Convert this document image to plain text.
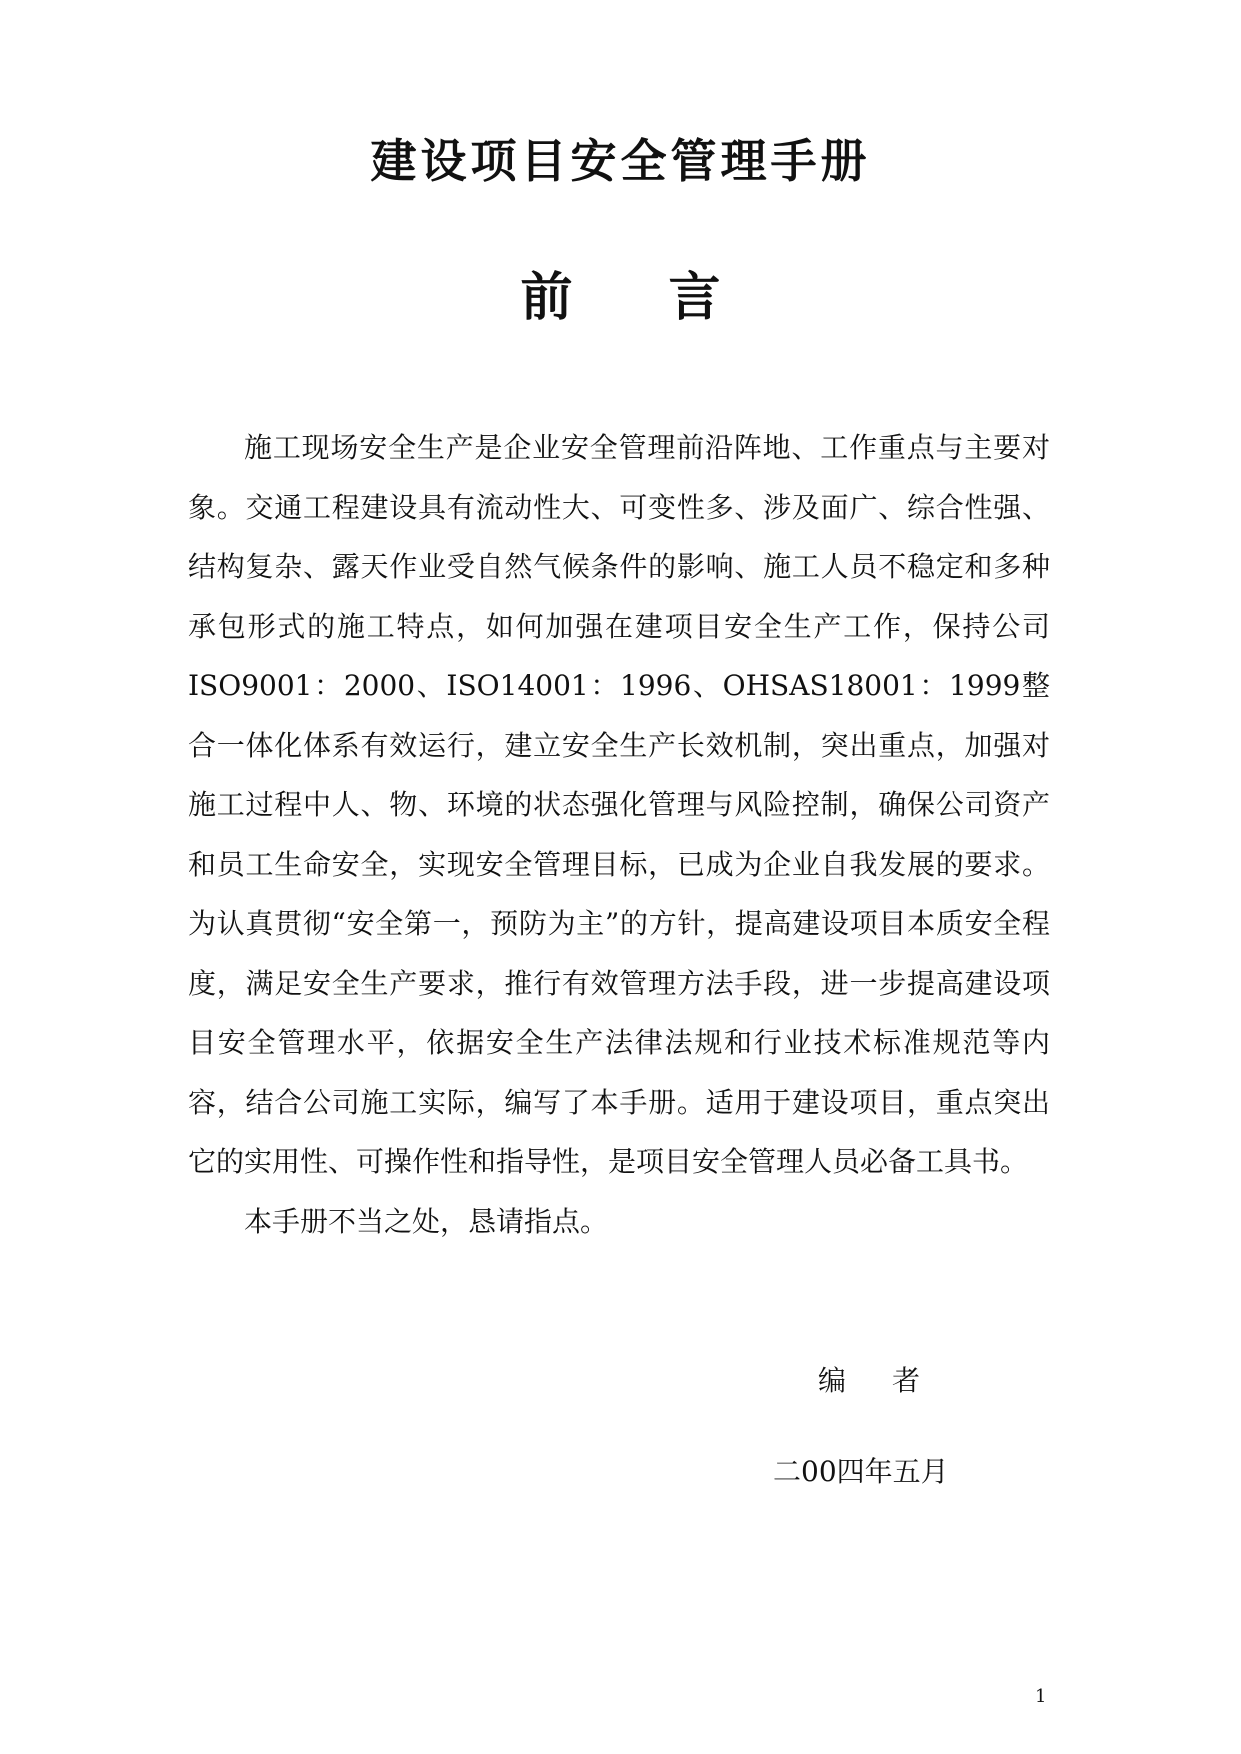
建设项目安全管理手册
前 言

施工现场安全生产是企业安全管理前沿阵地、工作重点与主要对象。交通工程建设具有流动性大、可变性多、涉及面广、综合性强、结构复杂、露天作业受自然气候条件的影响、施工人员不稳定和多种承包形式的施工特点，如何加强在建项目安全生产工作，保持公司ISO9001：2000、ISO14001：1996、OHSAS18001：1999整合一体化体系有效运行，建立安全生产长效机制，突出重点，加强对施工过程中人、物、环境的状态强化管理与风险控制，确保公司资产和员工生命安全，实现安全管理目标，已成为企业自我发展的要求。为认真贯彻“安全第一，预防为主”的方针，提高建设项目本质安全程度，满足安全生产要求，推行有效管理方法手段，进一步提高建设项目安全管理水平，依据安全生产法律法规和行业技术标准规范等内容，结合公司施工实际，编写了本手册。适用于建设项目，重点突出它的实用性、可操作性和指导性，是项目安全管理人员必备工具书。

本手册不当之处，恳请指点。

编者
二00四年五月
1
